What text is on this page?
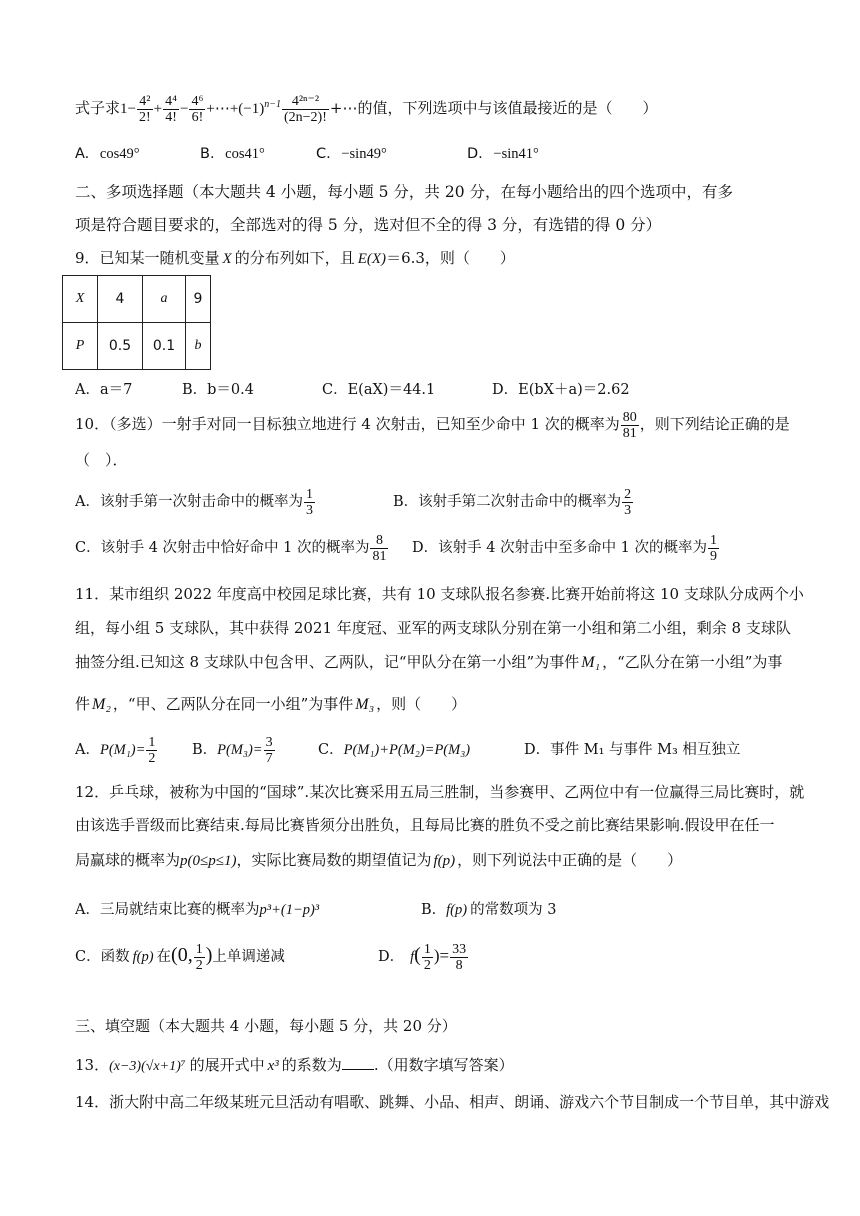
式子求$1- \frac{\text{4²}}{2!} + \frac{\text{4⁴}}{4!} - \frac{\text{4⁶}}{6!}$ $+\cdots+(-1)^{n-1} \frac{\text{4²ⁿ⁻²}}{(2n-2)!}$ +⋯的值，下列选项中与该值最接近的是（　　）
A. cos49°	B. cos41°	C. −sin49°	D. −sin41°
二、多项选择题（本大题共 4 小题，每小题 5 分，共 20 分，在每小题给出的四个选项中，有多
项是符合题目要求的，全部选对的得 5 分，选对但不全的得 3 分，有选错的得 0 分）
9．已知某一随机变量 X 的分布列如下，且 E(X)＝6.3，则（　　）
X	4	a	9
P	0.5	0.1	b
A．a＝7	B．b＝0.4	C．E(aX)＝44.1	D．E(bX＋a)＝2.62
10．（多选）一射手对同一目标独立地进行 4 次射击，已知至少命中 1 次的概率为 $\frac{80}{81}$ ，则下列结论正确的是
（　）．
A．该射手第一次射击命中的概率为 $\frac{1}{3}$	B．该射手第二次射击命中的概率为 $\frac{2}{3}$
C．该射手 4 次射击中恰好命中 1 次的概率为 $\frac{8}{81}$ D．该射手 4 次射击中至多命中 1 次的概率为 $\frac{1}{9}$
11．某市组织 2022 年度高中校园足球比赛，共有 10 支球队报名参赛.比赛开始前将这 10 支球队分成两个小
组，每小组 5 支球队，其中获得 2021 年度冠、亚军的两支球队分别在第一小组和第二小组，剩余 8 支球队
抽签分组.已知这 8 支球队中包含甲、乙两队，记“甲队分在第一小组”为事件 M₁ ，“乙队分在第一小组”为事
件 M₂ ，“甲、乙两队分在同一小组”为事件 M₃ ，则（　　）
A．$P(M_1)= \frac{1}{2}$ B．$P(M_3)= \frac{3}{7}$	C．P(M₁)+P(M₂)=P(M₃)	D．事件 M₁ 与事件 M₃ 相互独立
12．乒乓球，被称为中国的“国球”.某次比赛采用五局三胜制，当参赛甲、乙两位中有一位赢得三局比赛时，就
由该选手晋级而比赛结束.每局比赛皆须分出胜负，且每局比赛的胜负不受之前比赛结果影响.假设甲在任一
局赢球的概率为p(0≤p≤1)，实际比赛局数的期望值记为 f(p) ，则下列说法中正确的是（　　）
A．三局就结束比赛的概率为p³+(1−p)³	B．f(p) 的常数项为 3
C．函数 f(p) 在(0, $\frac{1}{2}$ )上单调递减	D． $f( \frac{1}{2}$ )= $\frac{33}{8}$
三、填空题（本大题共 4 小题，每小题 5 分，共 20 分）
13．(x−3)(√x+1)⁷ 的展开式中 x³ 的系数为 .（用数字填写答案）
14．浙大附中高二年级某班元旦活动有唱歌、跳舞、小品、相声、朗诵、游戏六个节目制成一个节目单，其中游戏
